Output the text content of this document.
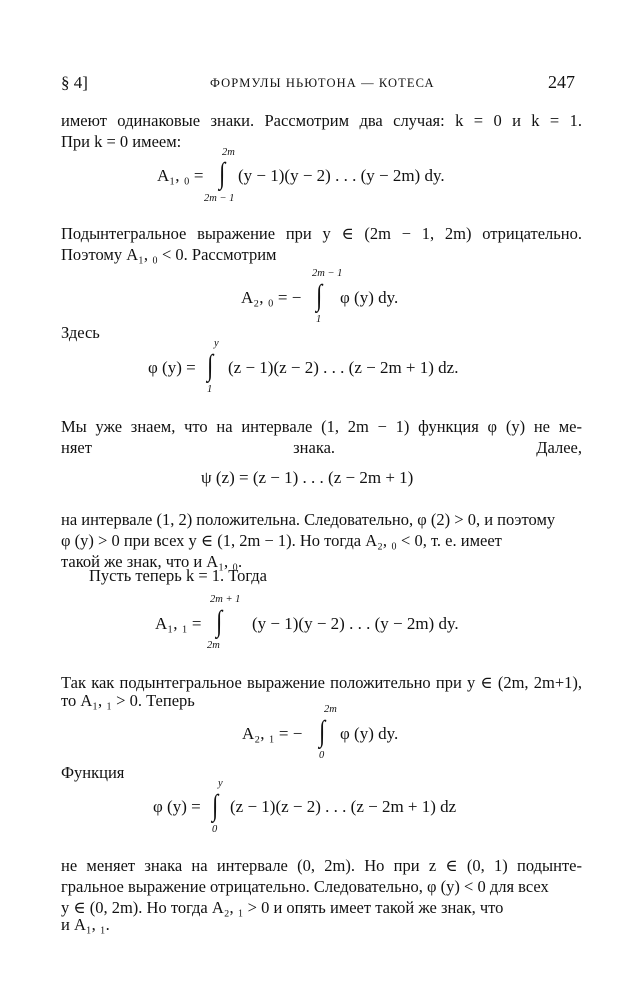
§ 4]	ФОРМУЛЫ НЬЮТОНА — КОТЕСА	247
имеют одинаковые знаки. Рассмотрим два случая: k = 0 и k = 1.
При k = 0 имеем:
A₁, ₀ =
2m
∫
2m − 1
(y − 1)(y − 2) . . . (y − 2m) dy.
Подынтегральное выражение при y ∈ (2m − 1, 2m) отрицательно.
Поэтому A₁, ₀ < 0. Рассмотрим
A₂, ₀ = −
2m − 1
∫
1
φ (y) dy.
Здесь
φ (y) =
y
∫
1
(z − 1)(z − 2) . . . (z − 2m + 1) dz.
Мы уже знаем, что на интервале (1, 2m − 1) функция φ (y) не ме-
няет знака. Далее,
ψ (z) = (z − 1) . . . (z − 2m + 1)
на интервале (1, 2) положительна. Следовательно, φ (2) > 0, и поэтому
φ (y) > 0 при всех y ∈ (1, 2m − 1). Но тогда A₂, ₀ < 0, т. е. имеет
такой же знак, что и A₁, ₀.
Пусть теперь k = 1. Тогда
A₁, ₁ =
2m + 1
∫
2m
(y − 1)(y − 2) . . . (y − 2m) dy.
Так как подынтегральное выражение положительно при y ∈ (2m, 2m+1),
то A₁, ₁ > 0. Теперь
A₂, ₁ = −
2m
∫
0
φ (y) dy.
Функция
φ (y) =
y
∫
0
(z − 1)(z − 2) . . . (z − 2m + 1) dz
не меняет знака на интервале (0, 2m). Но при z ∈ (0, 1) подынте-
гральное выражение отрицательно. Следовательно, φ (y) < 0 для всех
y ∈ (0, 2m). Но тогда A₂, ₁ > 0 и опять имеет такой же знак, что
и A₁, ₁.
